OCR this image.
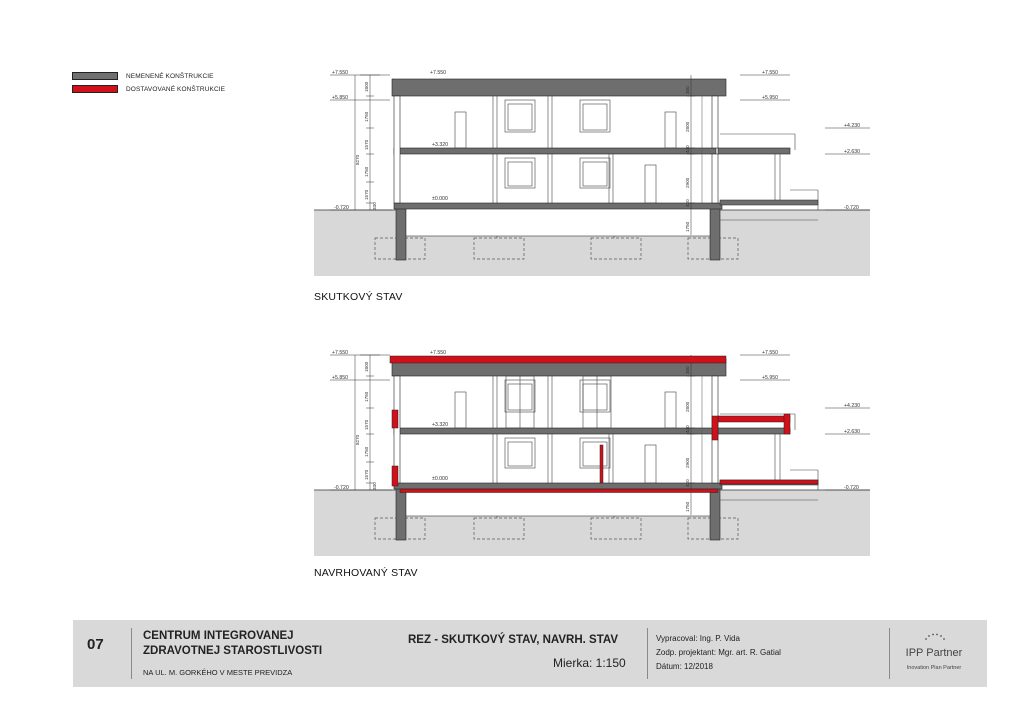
NEMENENÉ KONŠTRUKCIE
DOSTAVOVANÉ KONŠTRUKCIE
+7.550
+5.850
+7.550
+3.320
±0.000
-0.720
+7.550
+5.950
+4.230
+2.630
-0.720
8270
1800
1750
1570
1750
1570
330
300
2800
420
2900
420
1750
+7.550
+5.850
+7.550
+3.320
±0.000
-0.720
+7.550
+5.950
+4.230
+2.630
-0.720
8270
1800
1750
1570
1750
1570
330
300
2800
420
2900
420
1750
SKUTKOVÝ STAV
NAVRHOVANÝ STAV
07	CENTRUM INTEGROVANEJ
ZDRAVOTNEJ STAROSTLIVOSTI
NA UL. M. GORKÉHO V MESTE PREVIDZA
REZ - SKUTKOVÝ STAV, NAVRH. STAV
Mierka: 1:150
Vypracoval: Ing. P. Vida
Zodp. projektant: Mgr. art. R. Gatial
Dátum: 12/2018
IPP Partner
Inovation Plan Partner
